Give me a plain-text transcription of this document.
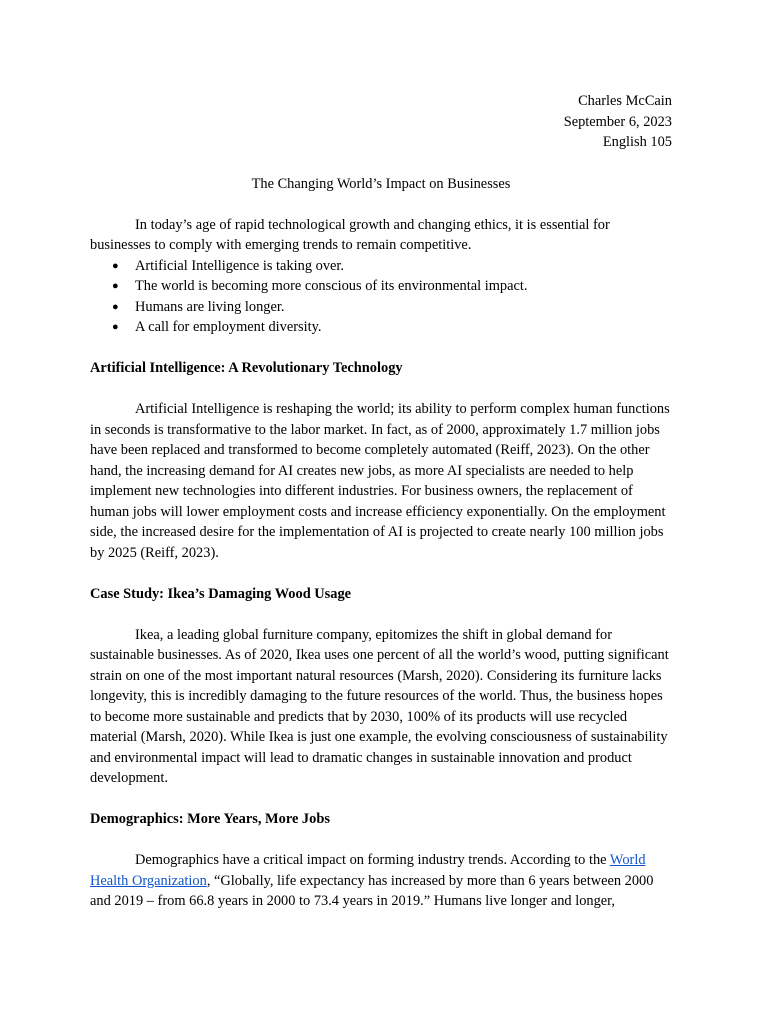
Charles McCain
September 6, 2023
English 105
The Changing World’s Impact on Businesses

In today’s age of rapid technological growth and changing ethics, it is essential for businesses to comply with emerging trends to remain competitive.

● Artificial Intelligence is taking over.
● The world is becoming more conscious of its environmental impact.
● Humans are living longer.
● A call for employment diversity.
Artificial Intelligence: A Revolutionary Technology

Artificial Intelligence is reshaping the world; its ability to perform complex human functions in seconds is transformative to the labor market. In fact, as of 2000, approximately 1.7 million jobs have been replaced and transformed to become completely automated (Reiff, 2023). On the other hand, the increasing demand for AI creates new jobs, as more AI specialists are needed to help implement new technologies into different industries. For business owners, the replacement of human jobs will lower employment costs and increase efficiency exponentially. On the employment side, the increased desire for the implementation of AI is projected to create nearly 100 million jobs by 2025 (Reiff, 2023).

Case Study: Ikea’s Damaging Wood Usage

Ikea, a leading global furniture company, epitomizes the shift in global demand for sustainable businesses. As of 2020, Ikea uses one percent of all the world’s wood, putting significant strain on one of the most important natural resources (Marsh, 2020). Considering its furniture lacks longevity, this is incredibly damaging to the future resources of the world. Thus, the business hopes to become more sustainable and predicts that by 2030, 100% of its products will use recycled material (Marsh, 2020). While Ikea is just one example, the evolving consciousness of sustainability and environmental impact will lead to dramatic changes in sustainable innovation and product development.

Demographics: More Years, More Jobs

Demographics have a critical impact on forming industry trends. According to the World Health Organization, “Globally, life expectancy has increased by more than 6 years between 2000 and 2019 – from 66.8 years in 2000 to 73.4 years in 2019.” Humans live longer and longer,
